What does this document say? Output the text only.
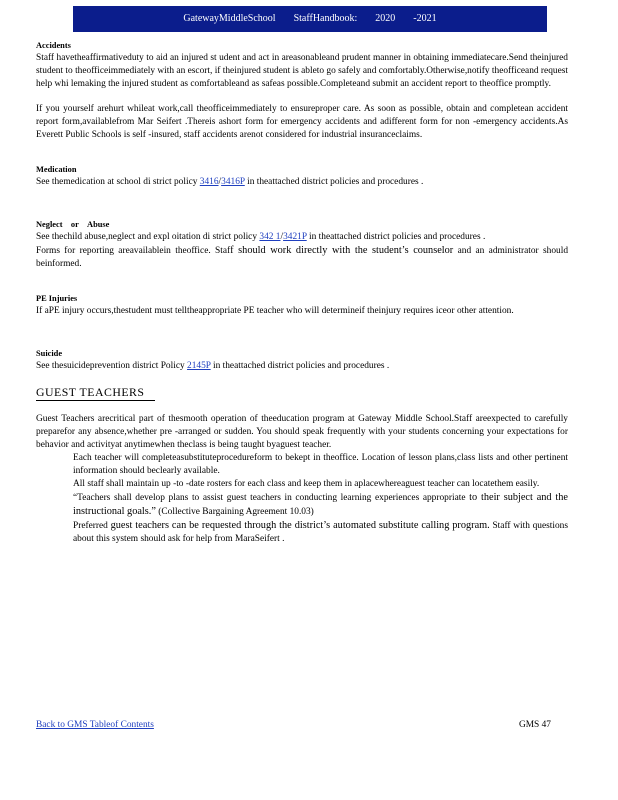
GatewayMiddleSchool StaffHandbook: 2020 -2021

Accidents

Staff havetheaffirmativeduty to aid an injured st udent and act in areasonableand prudent manner in obtaining immediatecare.Send theinjured student to theofficeimmediately with an escort, if theinjured student is ableto go safely and comfortably.Otherwise,notify theofficeand request help whi lemaking the injured student as comfortableand as safeas possible.Completeand submit an accident report to theoffice promptly.

If you yourself arehurt whileat work,call theofficeimmediately to ensureproper care. As soon as possible, obtain and completean accident report form,availablefrom Mar Seifert .Thereis ashort form for emergency accidents and adifferent form for non -emergency accidents.As Everett Public Schools is self -insured, staff accidents arenot considered for industrial insuranceclaims.

Medication

See themedication at school di strict policy 3416/3416P in theattached district policies and procedures .

Neglect or Abuse

See thechild abuse,neglect and expl oitation di strict policy 342 1/3421P in theattached district policies and procedures .

Forms for reporting areavailablein theoffice. Staff should work directly with the student’s counselor and an administrator should beinformed.

PE Injuries

If aPE injury occurs,thestudent must telltheappropriate PE teacher who will determineif theinjury requires iceor other attention.

Suicide

See thesuicideprevention district Policy 2145P in theattached district policies and procedures .

GUEST TEACHERS

Guest Teachers arecritical part of thesmooth operation of theeducation program at Gateway Middle School.Staff areexpected to carefully preparefor any absence,whether pre -arranged or sudden. You should speak frequently with your students concerning your expectations for behavior and activityat anytimewhen theclass is being taught byaguest teacher.

Each teacher will completeasubstituteprocedureform to bekept in theoffice. Location of lesson plans,class lists and other pertinent information should beclearly available.
All staff shall maintain up -to -date rosters for each class and keep them in aplacewhereaguest teacher can locatethem easily.
“Teachers shall develop plans to assist guest teachers in conducting learning experiences appropriate to their subject and the instructional goals.” (Collective Bargaining Agreement 10.03)
Preferred guest teachers can be requested through the district’s automated substitute calling program. Staff with questions about this system should ask for help from MaraSeifert .
Back to GMS Tableof Contents	GMS 47
